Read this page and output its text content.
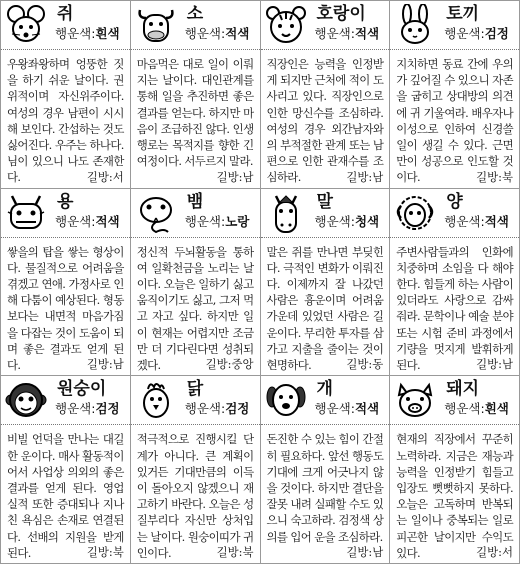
쥐
행운색:흰색
우왕좌왕하며 엉뚱한 짓을 하기 쉬운 날이다. 권위적이며 자신위주이다. 여성의 경우 남편이 시시해 보인다. 간섭하는 것도 싫어진다. 우주는 하나다. 님이 있으니 나도 존재한다.	길방:서
소
행운색:적색
마음먹은 대로 일이 이뤄지는 날이다. 대인관계를 통해 일을 추진하면 좋은 결과를 얻는다. 하지만 마음이 조급하진 않다. 인생행로는 목적지를 향한 긴 여정이다. 서두르지 말라.
길방:남
호랑이
행운색:적색
직장인은 능력을 인정받게 되지만 근처에 적이 도사리고 있다. 직장인으로 인한 망신수를 조심하라. 여성의 경우 외간남자와의 부적절한 관계 또는 남편으로 인한 관재수를 조심하라.	길방:남
토끼
행운색:검정
지치하면 동료 간에 우의가 깊어질 수 있으니 자존을 굽히고 상대방의 의견에 귀 기울여라. 배우자나 이성으로 인하여 신경쓸 일이 생길 수 있다. 근면만이 성공으로 인도할 것이다.	길방:북
용
행운색:적색
쌓을의 탑을 쌓는 형상이다. 물질적으로 어려움을 겪겠고 연애. 가정사로 인해 다툼이 예상된다. 형동보다는 내면적 마음가짐을 다잡는 것이 도움이 되며 좋은 결과도 얻게 된다.	길방:남
뱀
행운색:노랑
정신적 두뇌활동을 통하여 일확천금을 노리는 날이다. 오늘은 일하기 싫고 움직이기도 싫고, 그저 먹고 자고 싶다. 하지만 일이 현재는 어렵지만 조금만 더 기다린다면 성취되겠다.	길방:중앙
말
행운색:청색
말은 쥐를 만나면 부딪힌다. 극적인 변화가 이뤄진다. 이제까지 잘 나갔던 사람은 흉운이며 어려움 가운데 있었던 사람은 길운이다. 무리한 투자를 삼가고 지출을 줄이는 것이 현명하다.	길방:동
양
행운색:적색
주변사람들과의 인화에 치중하며 소임을 다 해야 한다. 힘들게 하는 사람이 있더라도 사랑으로 감싸줘라. 문학이나 예술 분야 또는 시험 준비 과정에서 기량을 멋지게 발휘하게 된다.	길방:남
원숭이
행운색:검정
비빌 언덕을 만나는 대길한 운이다. 매사 활동적이어서 사업상 의외의 좋은 결과를 얻게 된다. 영업 실적 또한 증대되나 지나친 욕심은 손재로 연결된다. 선배의 지원을 받게 된다.	길방:북
닭
행운색:검정
적극적으로 진행시킬 단계가 아니다. 큰 계획이 있거든 기대만큼의 이득이 돌아오지 않겠으니 재고하기 바란다. 오늘은 성질부리다 자신만 상처입는 날이다. 원숭이띠가 귀인이다.	길방:북
개
행운색:적색
돈진한 수 있는 힘이 간절히 필요하다. 앞선 행동도 기대에 크게 어긋나지 않을 것이다. 하지만 결단을 잘못 내려 실패할 수도 있으니 숙고하라. 검정색 상의를 입어 운을 조심하라.
길방:남
돼지
행운색:흰색
현재의 직장에서 꾸준히 노력하라. 지금은 재능과 능력을 인정받기 힘들고 입장도 뻣뻣하지 못하다. 오늘은 고독하며 반복되는 일이나 중복되는 일로 피곤한 날이지만 수익도 있다.	길방:서
